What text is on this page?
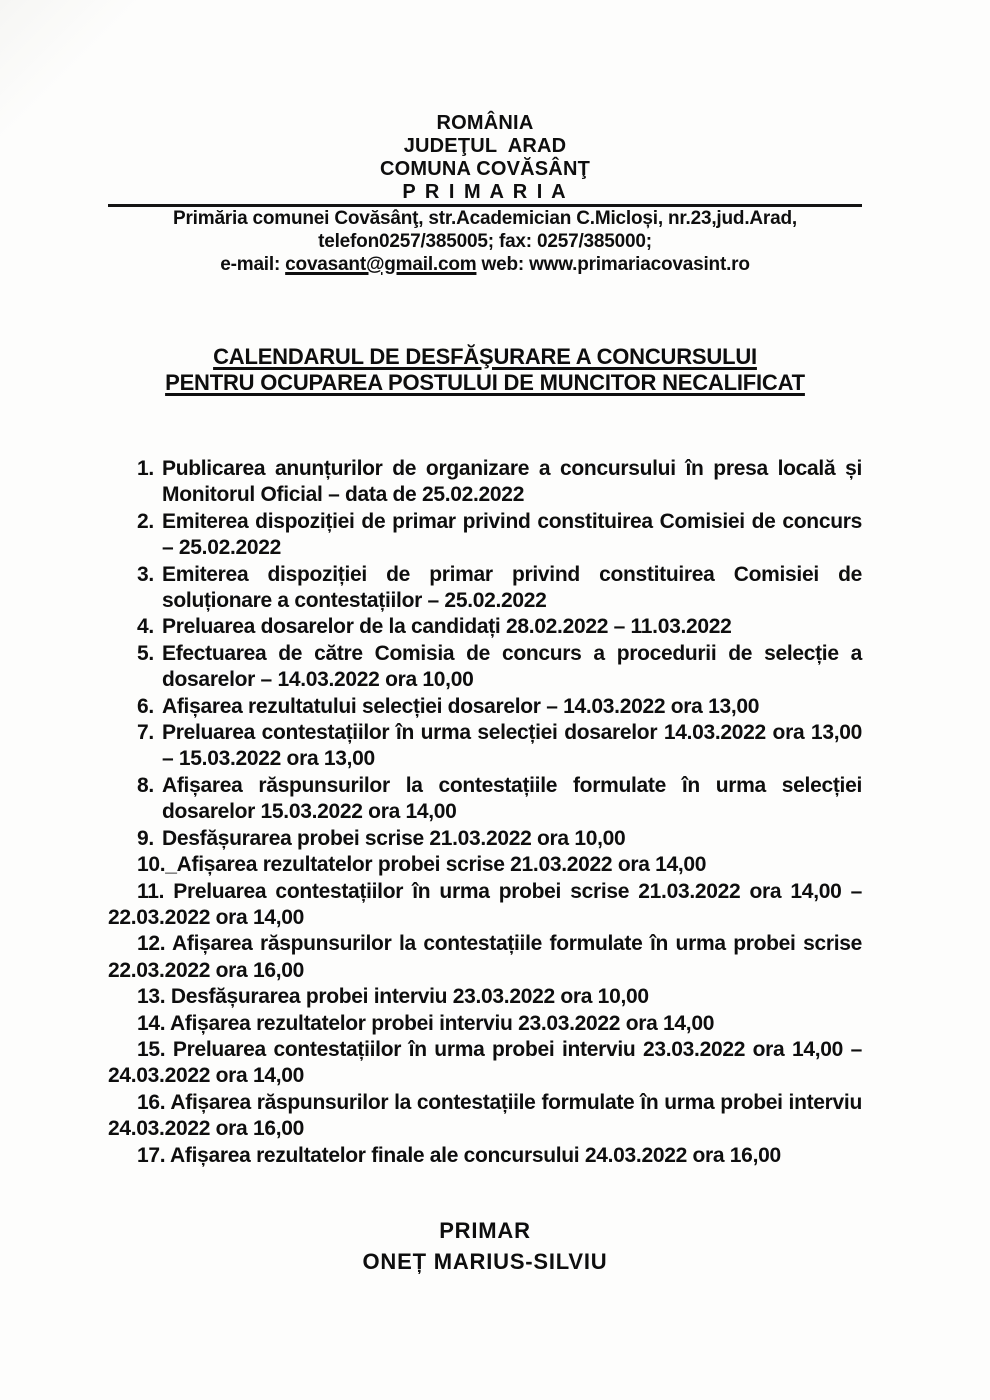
ROMÂNIA
JUDEŢUL  ARAD
COMUNA COVĂSÂNŢ
P R I M A R I A
Primăria comunei Covăsânţ, str.Academician C.Micloși, nr.23,jud.Arad,
telefon0257/385005; fax: 0257/385000;
e-mail: covasant@gmail.com web: www.primariacovasint.ro
CALENDARUL DE DESFĂŞURARE A CONCURSULUI
PENTRU OCUPAREA POSTULUI DE MUNCITOR NECALIFICAT
1. Publicarea anunțurilor de organizare a concursului în presa locală și Monitorul Oficial – data de 25.02.2022
2. Emiterea dispoziției de primar privind constituirea Comisiei de concurs – 25.02.2022
3. Emiterea dispoziției de primar privind constituirea Comisiei de soluționare a contestațiilor – 25.02.2022
4. Preluarea dosarelor de la candidați 28.02.2022 – 11.03.2022
5. Efectuarea de către Comisia de concurs a procedurii de selecție a dosarelor – 14.03.2022 ora 10,00
6. Afișarea rezultatului selecției dosarelor – 14.03.2022 ora 13,00
7. Preluarea contestațiilor în urma selecției dosarelor 14.03.2022 ora 13,00 – 15.03.2022 ora 13,00
8. Afișarea răspunsurilor la contestațiile formulate în urma selecției dosarelor 15.03.2022 ora 14,00
9. Desfășurarea probei scrise 21.03.2022 ora 10,00

10._Afișarea rezultatelor probei scrise 21.03.2022 ora 14,00

11. Preluarea contestațiilor în urma probei scrise 21.03.2022 ora 14,00 – 22.03.2022 ora 14,00

12. Afișarea răspunsurilor la contestațiile formulate în urma probei scrise 22.03.2022 ora 16,00

13. Desfășurarea probei interviu 23.03.2022 ora 10,00

14. Afișarea rezultatelor probei interviu 23.03.2022 ora 14,00

15. Preluarea contestațiilor în urma probei interviu 23.03.2022 ora 14,00 – 24.03.2022 ora 14,00

16. Afișarea răspunsurilor la contestațiile formulate în urma probei interviu 24.03.2022 ora 16,00

17. Afișarea rezultatelor finale ale concursului 24.03.2022 ora 16,00

PRIMAR
ONEȚ MARIUS-SILVIU
